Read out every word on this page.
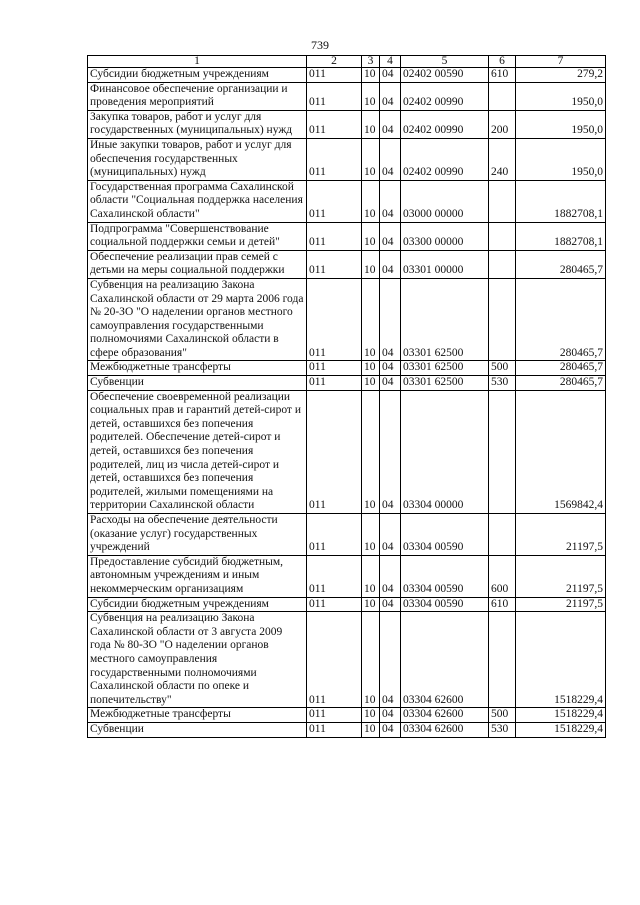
739
1	2	3	4	5	6	7
Субсидии бюджетным учреждениям	011	10	04	02402 00590	610	279,2
Финансовое обеспечение организации и проведения мероприятий	011	10	04	02402 00990		1950,0
Закупка товаров, работ и услуг для государственных (муниципальных) нужд	011	10	04	02402 00990	200	1950,0
Иные закупки товаров, работ и услуг для обеспечения государственных (муниципальных) нужд	011	10	04	02402 00990	240	1950,0
Государственная программа Сахалинской области "Социальная поддержка населения Сахалинской области"	011	10	04	03000 00000		1882708,1
Подпрограмма "Совершенствование социальной поддержки семьи и детей"	011	10	04	03300 00000		1882708,1
Обеспечение реализации прав семей с детьми на меры социальной поддержки	011	10	04	03301 00000		280465,7
Субвенция на реализацию Закона Сахалинской области от 29 марта 2006 года № 20-ЗО "О наделении органов местного самоуправления государственными полномочиями Сахалинской области в сфере образования"	011	10	04	03301 62500		280465,7
Межбюджетные трансферты	011	10	04	03301 62500	500	280465,7
Субвенции	011	10	04	03301 62500	530	280465,7
Обеспечение своевременной реализации социальных прав и гарантий детей-сирот и детей, оставшихся без попечения родителей. Обеспечение детей-сирот и детей, оставшихся без попечения родителей, лиц из числа детей-сирот и детей, оставшихся без попечения родителей, жилыми помещениями на территории Сахалинской области	011	10	04	03304 00000		1569842,4
Расходы на обеспечение деятельности (оказание услуг) государственных учреждений	011	10	04	03304 00590		21197,5
Предоставление субсидий бюджетным, автономным учреждениям и иным некоммерческим организациям	011	10	04	03304 00590	600	21197,5
Субсидии бюджетным учреждениям	011	10	04	03304 00590	610	21197,5
Субвенция на реализацию Закона Сахалинской области от 3 августа 2009 года № 80-ЗО "О наделении органов местного самоуправления государственными полномочиями Сахалинской области по опеке и попечительству"	011	10	04	03304 62600		1518229,4
Межбюджетные трансферты	011	10	04	03304 62600	500	1518229,4
Субвенции	011	10	04	03304 62600	530	1518229,4
